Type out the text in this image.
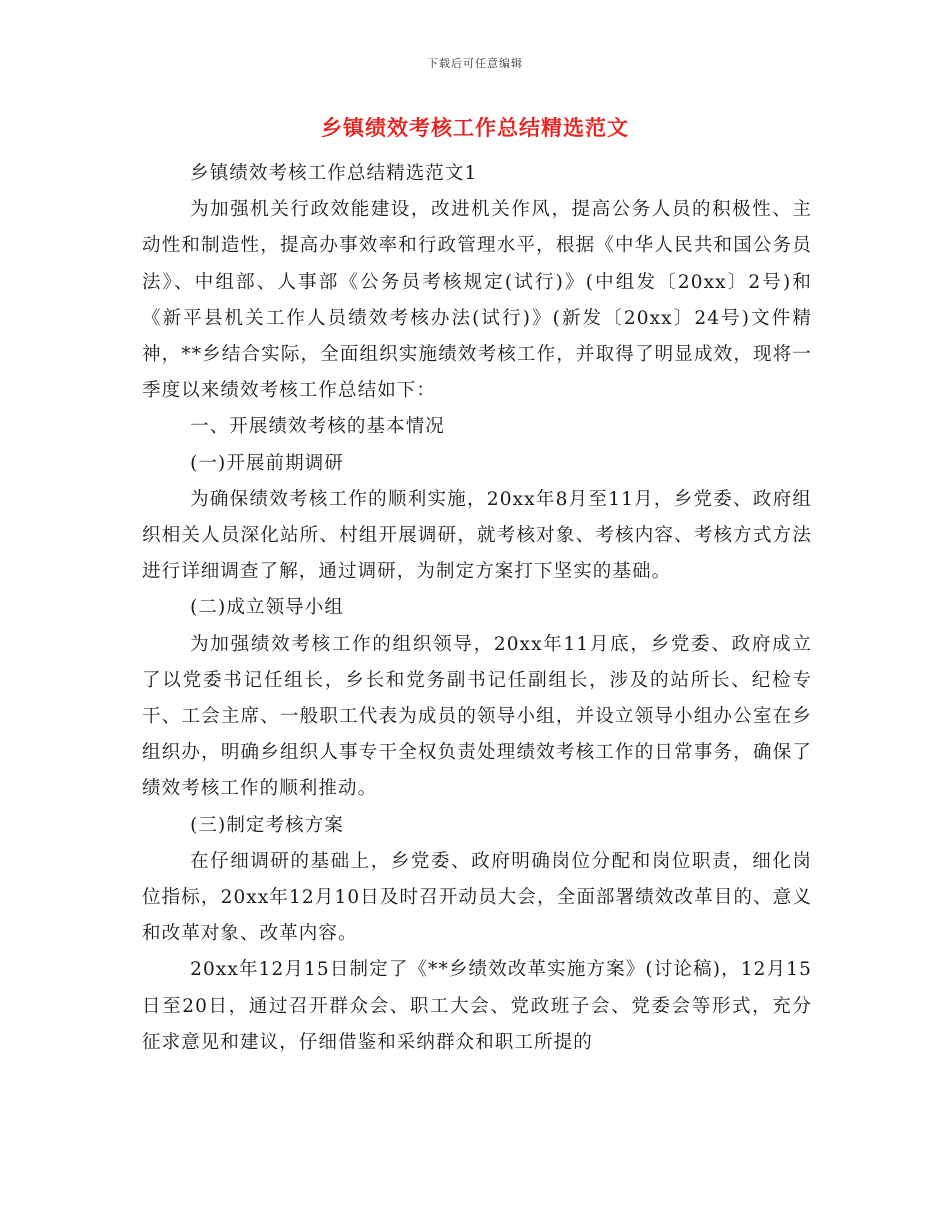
下载后可任意编辑
乡镇绩效考核工作总结精选范文

乡镇绩效考核工作总结精选范文1

为加强机关行政效能建设，改进机关作风，提高公务人员的积极性、主动性和制造性，提高办事效率和行政管理水平，根据《中华人民共和国公务员法》、中组部、人事部《公务员考核规定(试行)》(中组发〔20xx〕2号)和《新平县机关工作人员绩效考核办法(试行)》(新发〔20xx〕24号)文件精神，**乡结合实际，全面组织实施绩效考核工作，并取得了明显成效，现将一季度以来绩效考核工作总结如下：

一、开展绩效考核的基本情况

(一)开展前期调研

为确保绩效考核工作的顺利实施，20xx年8月至11月，乡党委、政府组织相关人员深化站所、村组开展调研，就考核对象、考核内容、考核方式方法进行详细调查了解，通过调研，为制定方案打下坚实的基础。

(二)成立领导小组

为加强绩效考核工作的组织领导，20xx年11月底，乡党委、政府成立了以党委书记任组长，乡长和党务副书记任副组长，涉及的站所长、纪检专干、工会主席、一般职工代表为成员的领导小组，并设立领导小组办公室在乡组织办，明确乡组织人事专干全权负责处理绩效考核工作的日常事务，确保了绩效考核工作的顺利推动。

(三)制定考核方案

在仔细调研的基础上，乡党委、政府明确岗位分配和岗位职责，细化岗位指标，20xx年12月10日及时召开动员大会，全面部署绩效改革目的、意义和改革对象、改革内容。

20xx年12月15日制定了《**乡绩效改革实施方案》(讨论稿)，12月15日至20日，通过召开群众会、职工大会、党政班子会、党委会等形式，充分征求意见和建议，仔细借鉴和采纳群众和职工所提的
